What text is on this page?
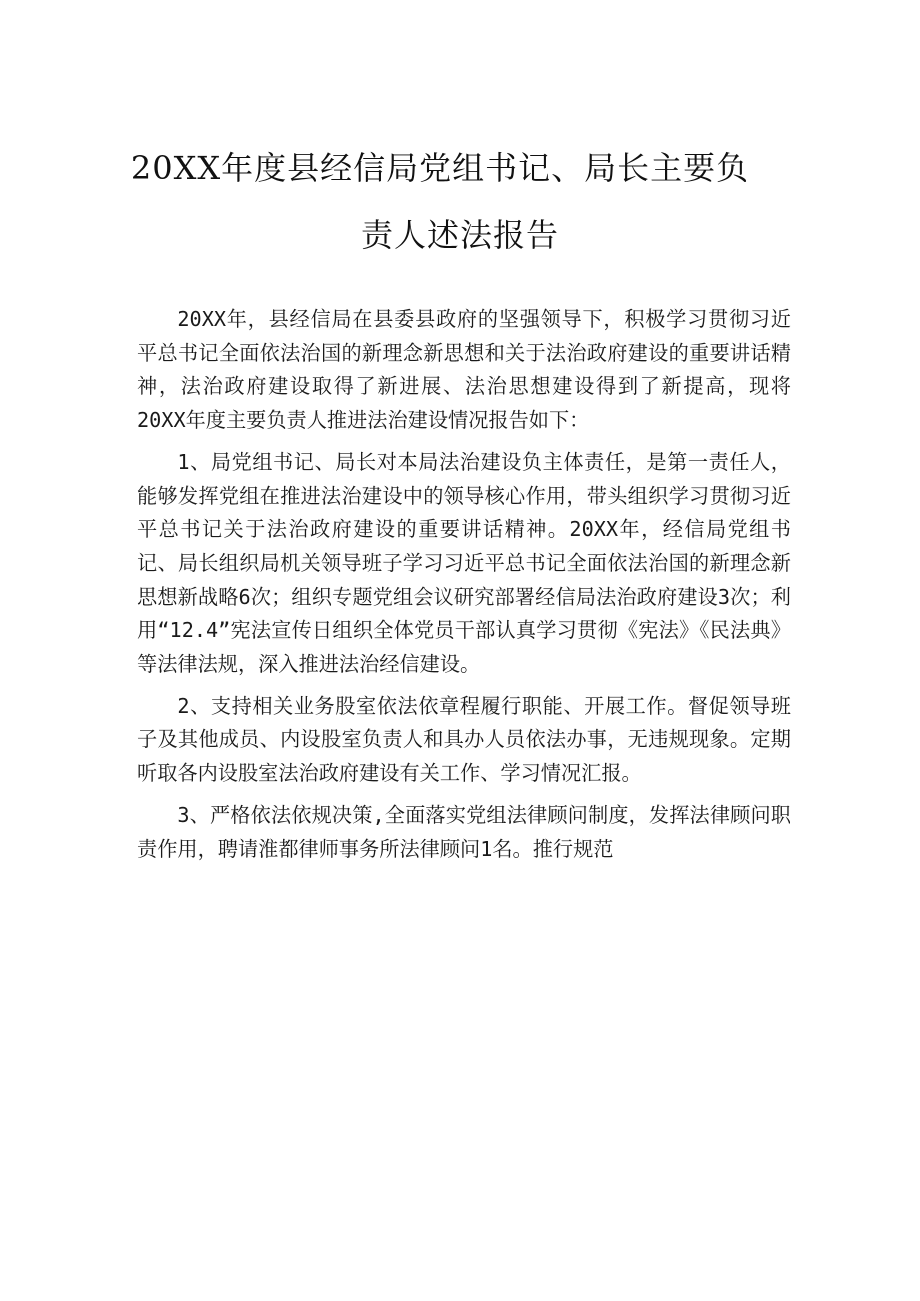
20XX年度县经信局党组书记、局长主要负
责人述法报告

20XX年，县经信局在县委县政府的坚强领导下，积极学习贯彻习近平总书记全面依法治国的新理念新思想和关于法治政府建设的重要讲话精神，法治政府建设取得了新进展、法治思想建设得到了新提高，现将20XX年度主要负责人推进法治建设情况报告如下：

1、局党组书记、局长对本局法治建设负主体责任，是第一责任人，能够发挥党组在推进法治建设中的领导核心作用，带头组织学习贯彻习近平总书记关于法治政府建设的重要讲话精神。20XX年，经信局党组书记、局长组织局机关领导班子学习习近平总书记全面依法治国的新理念新思想新战略6次；组织专题党组会议研究部署经信局法治政府建设3次；利用“12.4”宪法宣传日组织全体党员干部认真学习贯彻《宪法》《民法典》等法律法规，深入推进法治经信建设。

2、支持相关业务股室依法依章程履行职能、开展工作。督促领导班子及其他成员、内设股室负责人和具办人员依法办事，无违规现象。定期听取各内设股室法治政府建设有关工作、学习情况汇报。

3、严格依法依规决策,全面落实党组法律顾问制度，发挥法律顾问职责作用，聘请淮都律师事务所法律顾问1名。推行规范
